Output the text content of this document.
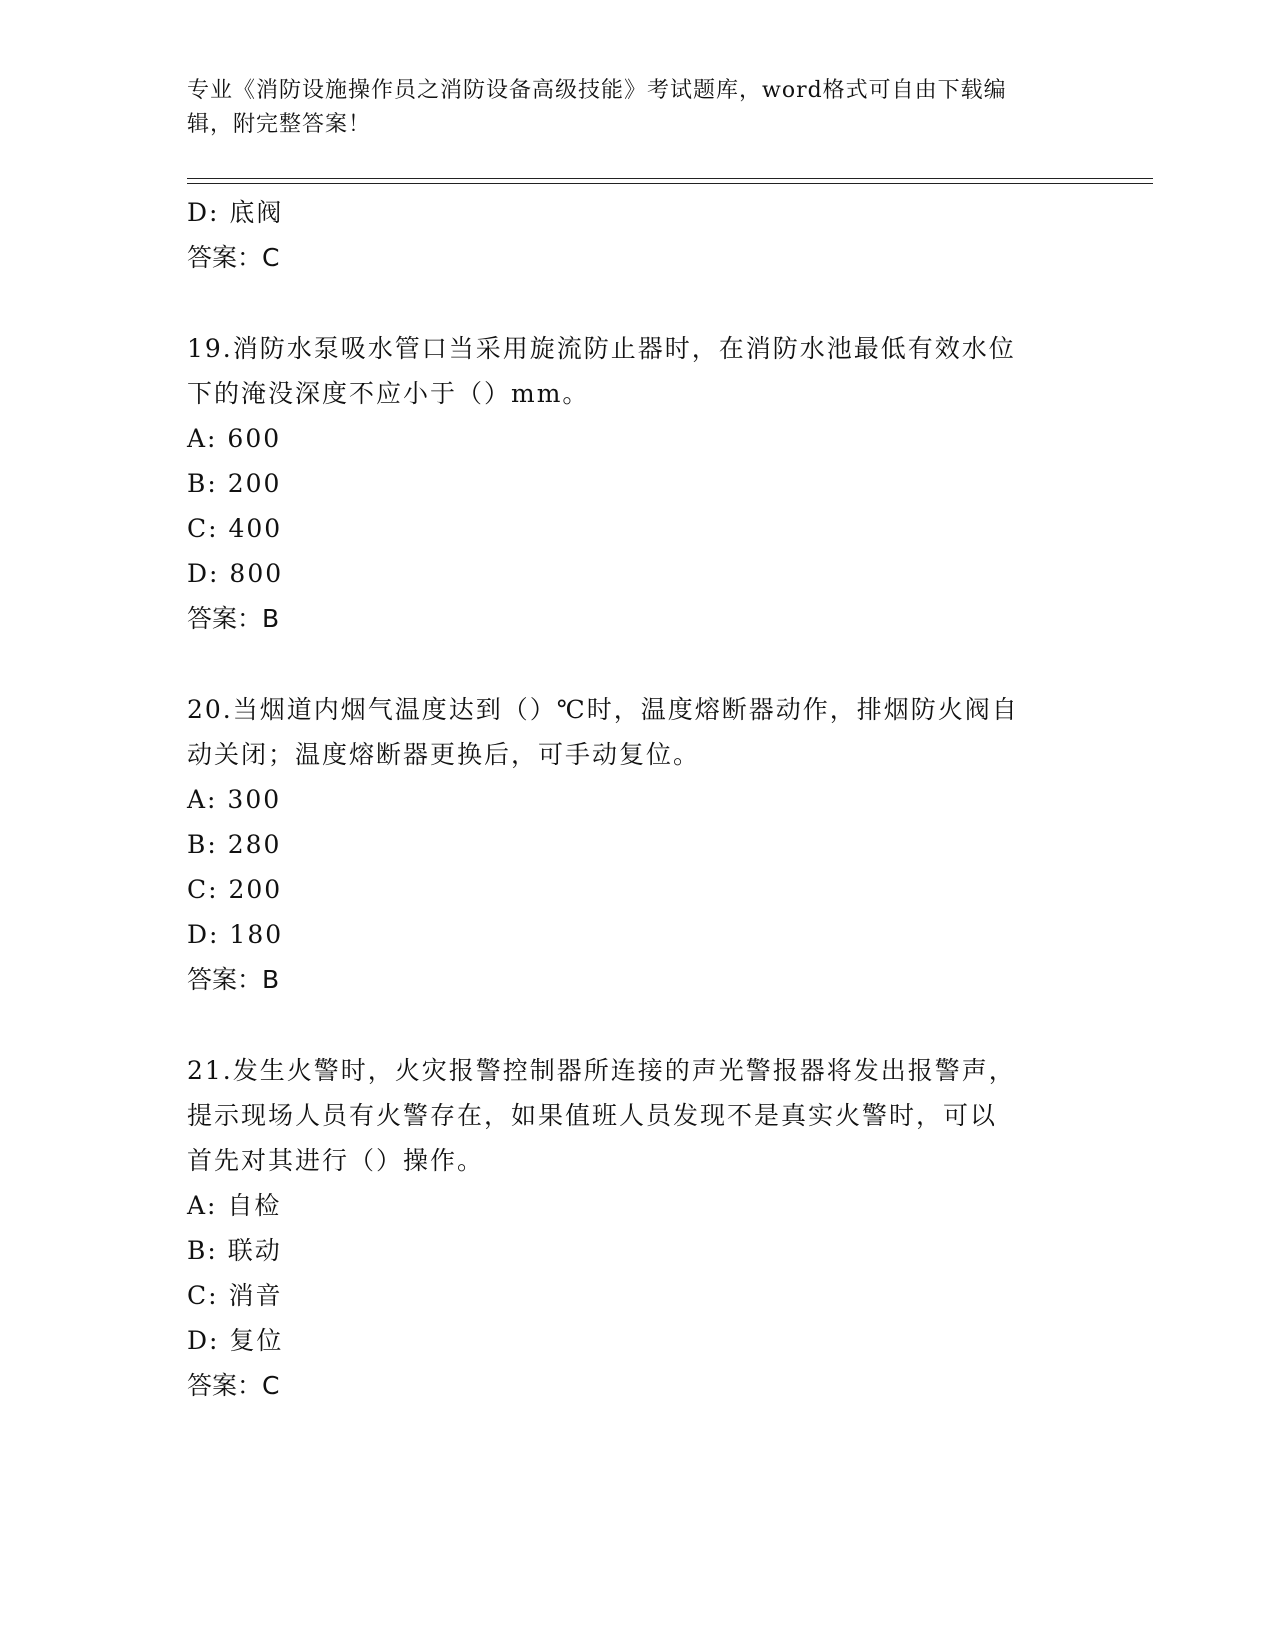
专业《消防设施操作员之消防设备高级技能》考试题库，word格式可自由下载编
辑，附完整答案！
D: 底阀
答案：C
19.消防水泵吸水管口当采用旋流防止器时，在消防水池最低有效水位
下的淹没深度不应小于（）mm。
A: 600
B: 200
C: 400
D: 800
答案：B
20.当烟道内烟气温度达到（）℃时，温度熔断器动作，排烟防火阀自
动关闭；温度熔断器更换后，可手动复位。
A: 300
B: 280
C: 200
D: 180
答案：B
21.发生火警时，火灾报警控制器所连接的声光警报器将发出报警声，
提示现场人员有火警存在，如果值班人员发现不是真实火警时，可以
首先对其进行（）操作。
A: 自检
B: 联动
C: 消音
D: 复位
答案：C
